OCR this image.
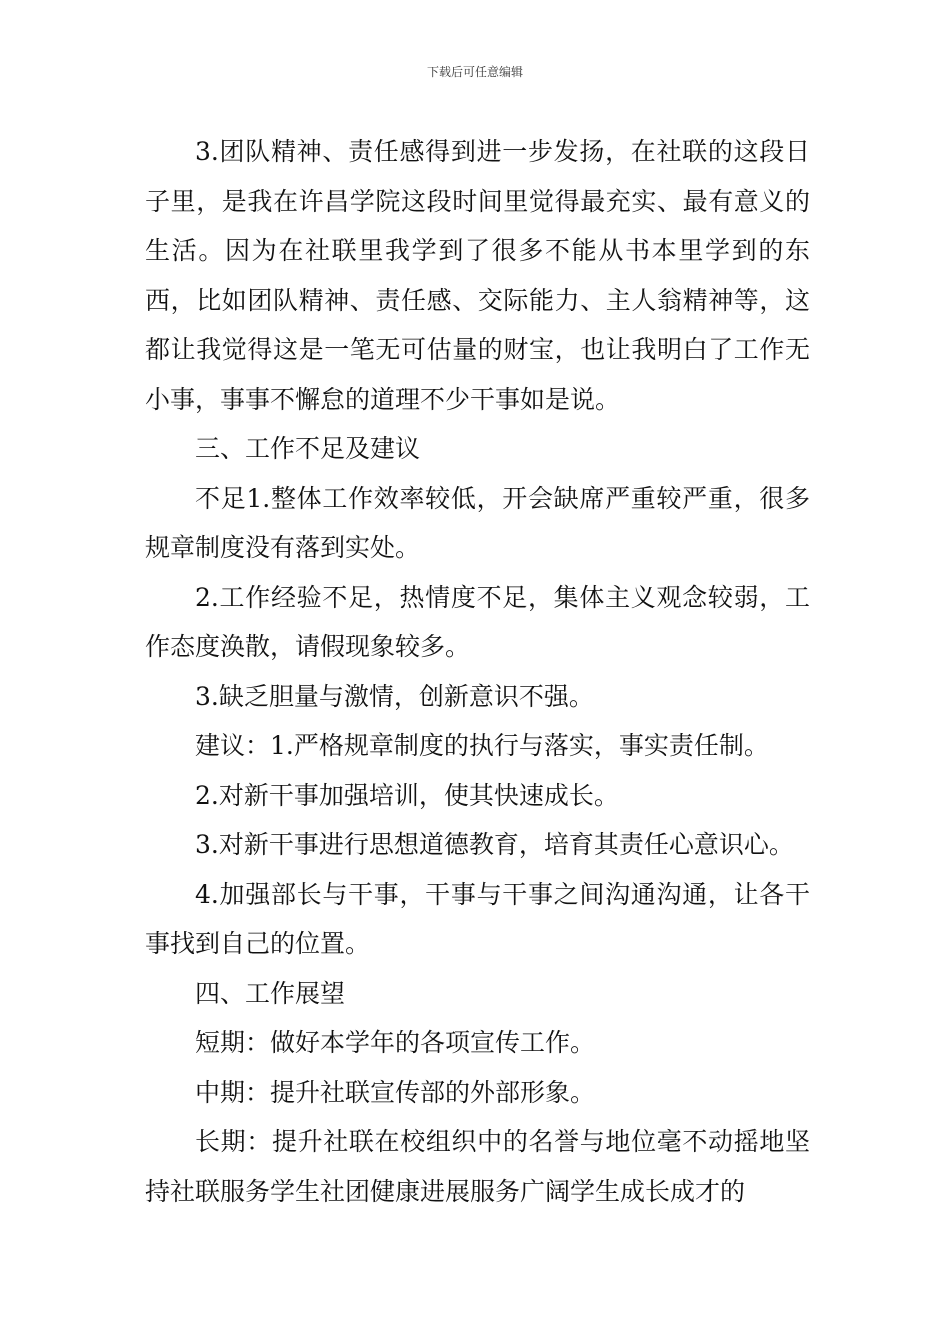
下载后可任意编辑

3.团队精神、责任感得到进一步发扬，在社联的这段日子里，是我在许昌学院这段时间里觉得最充实、最有意义的生活。因为在社联里我学到了很多不能从书本里学到的东西，比如团队精神、责任感、交际能力、主人翁精神等，这都让我觉得这是一笔无可估量的财宝，也让我明白了工作无小事，事事不懈怠的道理不少干事如是说。

三、工作不足及建议

不足1.整体工作效率较低，开会缺席严重较严重，很多规章制度没有落到实处。

2.工作经验不足，热情度不足，集体主义观念较弱，工作态度涣散，请假现象较多。

3.缺乏胆量与激情，创新意识不强。

建议：1.严格规章制度的执行与落实，事实责任制。

2.对新干事加强培训，使其快速成长。

3.对新干事进行思想道德教育，培育其责任心意识心。

4.加强部长与干事，干事与干事之间沟通沟通，让各干事找到自己的位置。

四、工作展望

短期：做好本学年的各项宣传工作。

中期：提升社联宣传部的外部形象。

长期：提升社联在校组织中的名誉与地位毫不动摇地坚持社联服务学生社团健康进展服务广阔学生成长成才的
